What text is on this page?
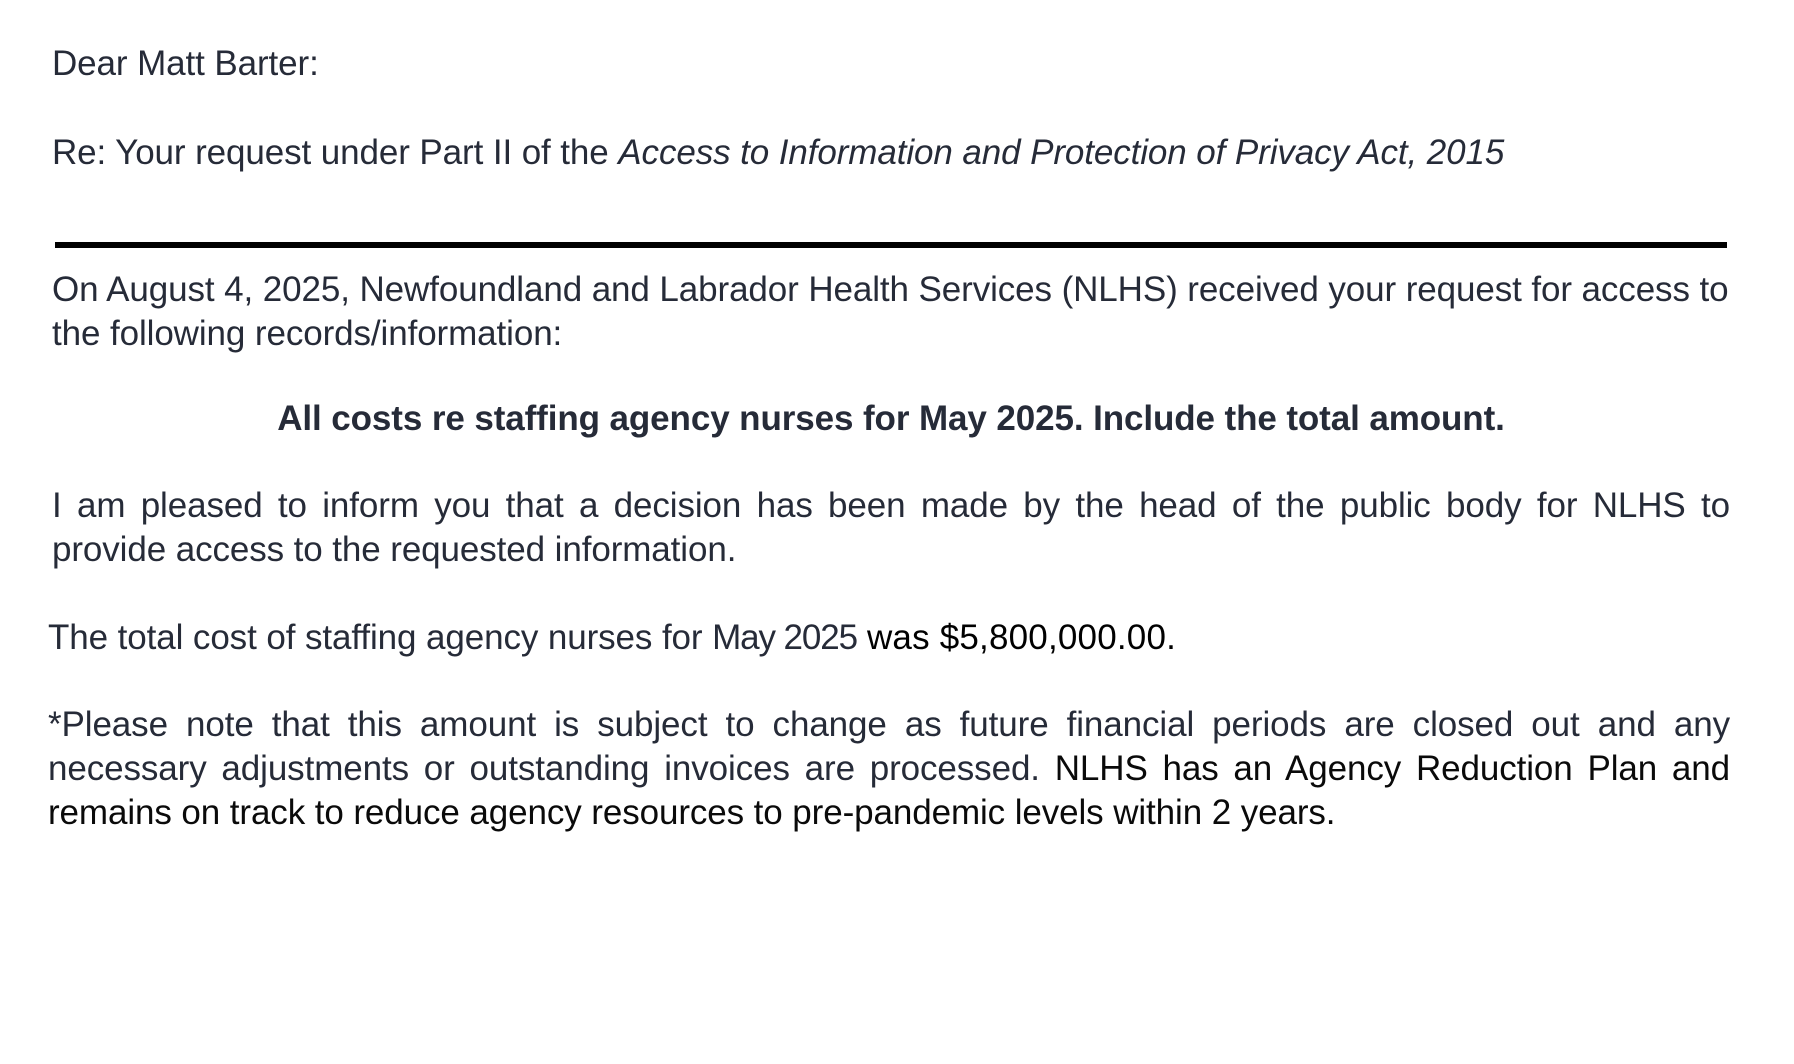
Dear Matt Barter:
Re: Your request under Part II of the Access to Information and Protection of Privacy Act, 2015
On August 4, 2025, Newfoundland and Labrador Health Services (NLHS) received your request for access to the following records/information:
All costs re staffing agency nurses for May 2025. Include the total amount.
I am pleased to inform you that a decision has been made by the head of the public body for NLHS to provide access to the requested information.
The total cost of staffing agency nurses for May 2025 was $5,800,000.00.
*Please note that this amount is subject to change as future financial periods are closed out and any necessary adjustments or outstanding invoices are processed. NLHS has an Agency Reduction Plan and remains on track to reduce agency resources to pre-pandemic levels within 2 years.
